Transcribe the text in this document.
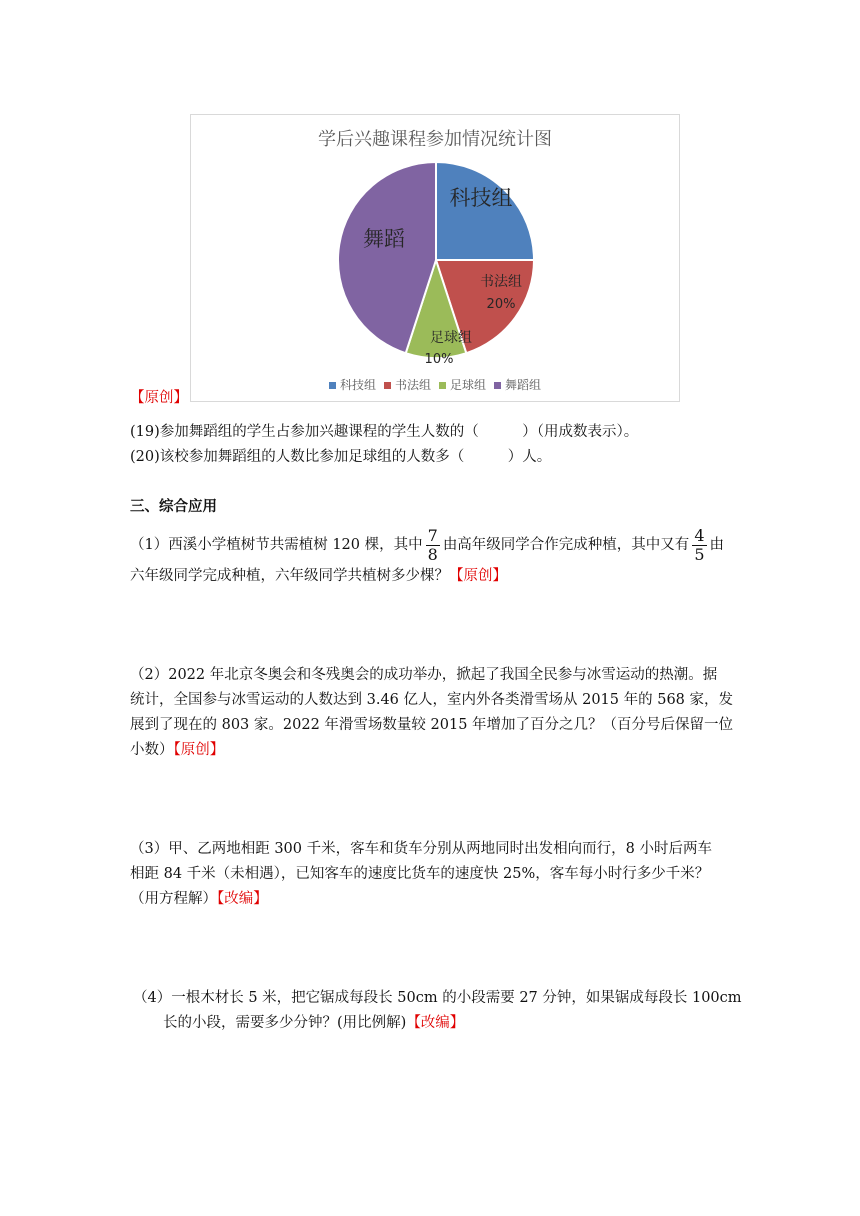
学后兴趣课程参加情况统计图
科技组
书法组
20%
足球组
10%
舞蹈
科技组 书法组 足球组 舞蹈组
【原创】
(19)参加舞蹈组的学生占参加兴趣课程的学生人数的（　　　）（用成数表示）。
(20)该校参加舞蹈组的人数比参加足球组的人数多（　　　）人。
三、综合应用
（1）西溪小学植树节共需植树 120 棵，其中 $\frac{7}{8}$ 由高年级同学合作完成种植，其中又有 $\frac{4}{5}$ 由
六年级同学完成种植，六年级同学共植树多少棵？【原创】
（2）2022 年北京冬奥会和冬残奥会的成功举办，掀起了我国全民参与冰雪运动的热潮。据
统计，全国参与冰雪运动的人数达到 3.46 亿人，室内外各类滑雪场从 2015 年的 568 家，发
展到了现在的 803 家。2022 年滑雪场数量较 2015 年增加了百分之几？（百分号后保留一位
小数）【原创】
（3）甲、乙两地相距 300 千米，客车和货车分别从两地同时出发相向而行，8 小时后两车
相距 84 千米（未相遇），已知客车的速度比货车的速度快 25%，客车每小时行多少千米？
（用方程解）【改编】
（4）一根木材长 5 米，把它锯成每段长 50cm 的小段需要 27 分钟，如果锯成每段长 100cm
长的小段，需要多少分钟？(用比例解)【改编】
